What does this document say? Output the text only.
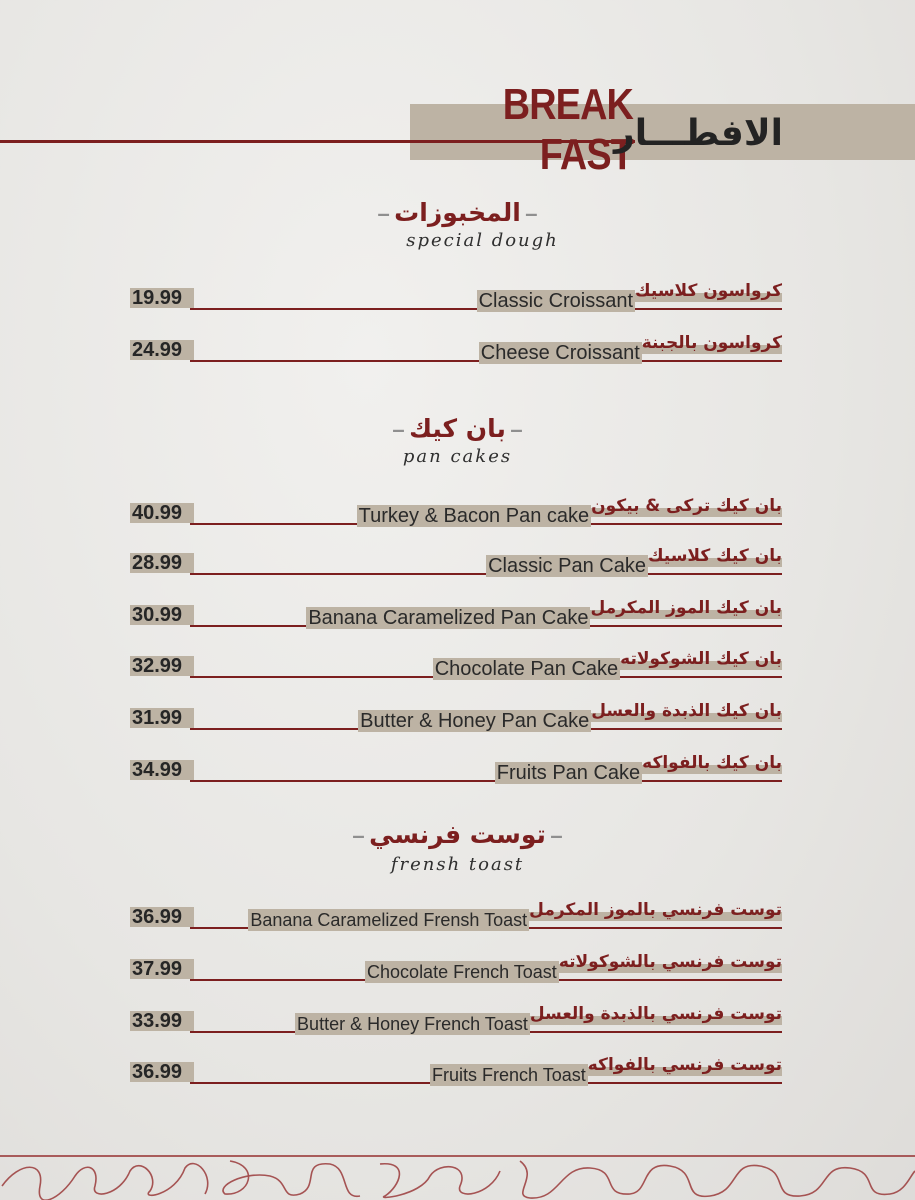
BREAK FAST
الافطـــار
– المخبوزات –
special dough
19.99	Classic Croissant كرواسون كلاسيك
24.99	Cheese Croissant كرواسون بالجبنة
– بان كيك –
pan cakes
40.99	Turkey & Bacon Pan cake بان كيك تركى & بيكون
28.99	Classic Pan Cake بان كيك كلاسيك
30.99	Banana Caramelized Pan Cake بان كيك الموز المكرمل
32.99	Chocolate Pan Cake بان كيك الشوكولاته
31.99	Butter & Honey Pan Cake بان كيك الذبدة والعسل
34.99	Fruits Pan Cake بان كيك بالفواكه
– توست فرنسي –
frensh toast
36.99	Banana Caramelized Frensh Toast توست فرنسي بالموز المكرمل
37.99	Chocolate French Toast توست فرنسي بالشوكولاته
33.99	Butter & Honey French Toast توست فرنسي بالذبدة والعسل
36.99	Fruits French Toast توست فرنسي بالفواكه
